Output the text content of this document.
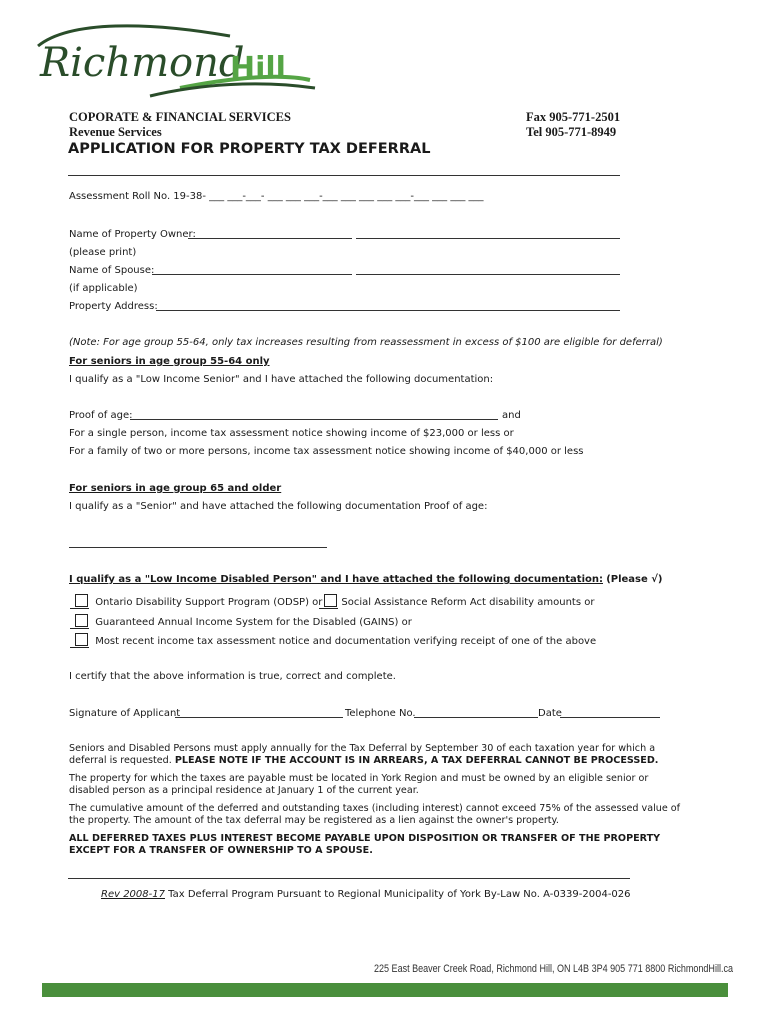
Richmond
Hill
COPORATE & FINANCIAL SERVICES
Revenue Services
Fax 905-771-2501
Tel 905-771-8949
APPLICATION FOR PROPERTY TAX DEFERRAL
Assessment Roll No. 19-38- ___ ___-___- ___ ___ ___-___ ___ ___ ___ ___-___ ___ ___ ___
Name of Property Owner:
(please print)
Name of Spouse:
(if applicable)
Property Address:
(Note: For age group 55-64, only tax increases resulting from reassessment in excess of $100 are eligible for deferral)
For seniors in age group 55-64 only
I qualify as a "Low Income Senior" and I have attached the following documentation:
Proof of age:	and
For a single person, income tax assessment notice showing income of $23,000 or less or
For a family of two or more persons, income tax assessment notice showing income of $40,000 or less
For seniors in age group 65 and older
I qualify as a "Senior" and have attached the following documentation Proof of age:
I qualify as a "Low Income Disabled Person" and I have attached the following documentation: (Please √)
Ontario Disability Support Program (ODSP) or Social Assistance Reform Act disability amounts or
Guaranteed Annual Income System for the Disabled (GAINS) or
Most recent income tax assessment notice and documentation verifying receipt of one of the above
I certify that the above information is true, correct and complete.
Signature of Applicant	Telephone No.	Date
Seniors and Disabled Persons must apply annually for the Tax Deferral by September 30 of each taxation year for which a deferral is requested. PLEASE NOTE IF THE ACCOUNT IS IN ARREARS, A TAX DEFERRAL CANNOT BE PROCESSED.
The property for which the taxes are payable must be located in York Region and must be owned by an eligible senior or disabled person as a principal residence at January 1 of the current year.
The cumulative amount of the deferred and outstanding taxes (including interest) cannot exceed 75% of the assessed value of the property. The amount of the tax deferral may be registered as a lien against the owner's property.
ALL DEFERRED TAXES PLUS INTEREST BECOME PAYABLE UPON DISPOSITION OR TRANSFER OF THE PROPERTY EXCEPT FOR A TRANSFER OF OWNERSHIP TO A SPOUSE.
Rev 2008-17 Tax Deferral Program Pursuant to Regional Municipality of York By-Law No. A-0339-2004-026
225 East Beaver Creek Road, Richmond Hill, ON L4B 3P4 905 771 8800 RichmondHill.ca
